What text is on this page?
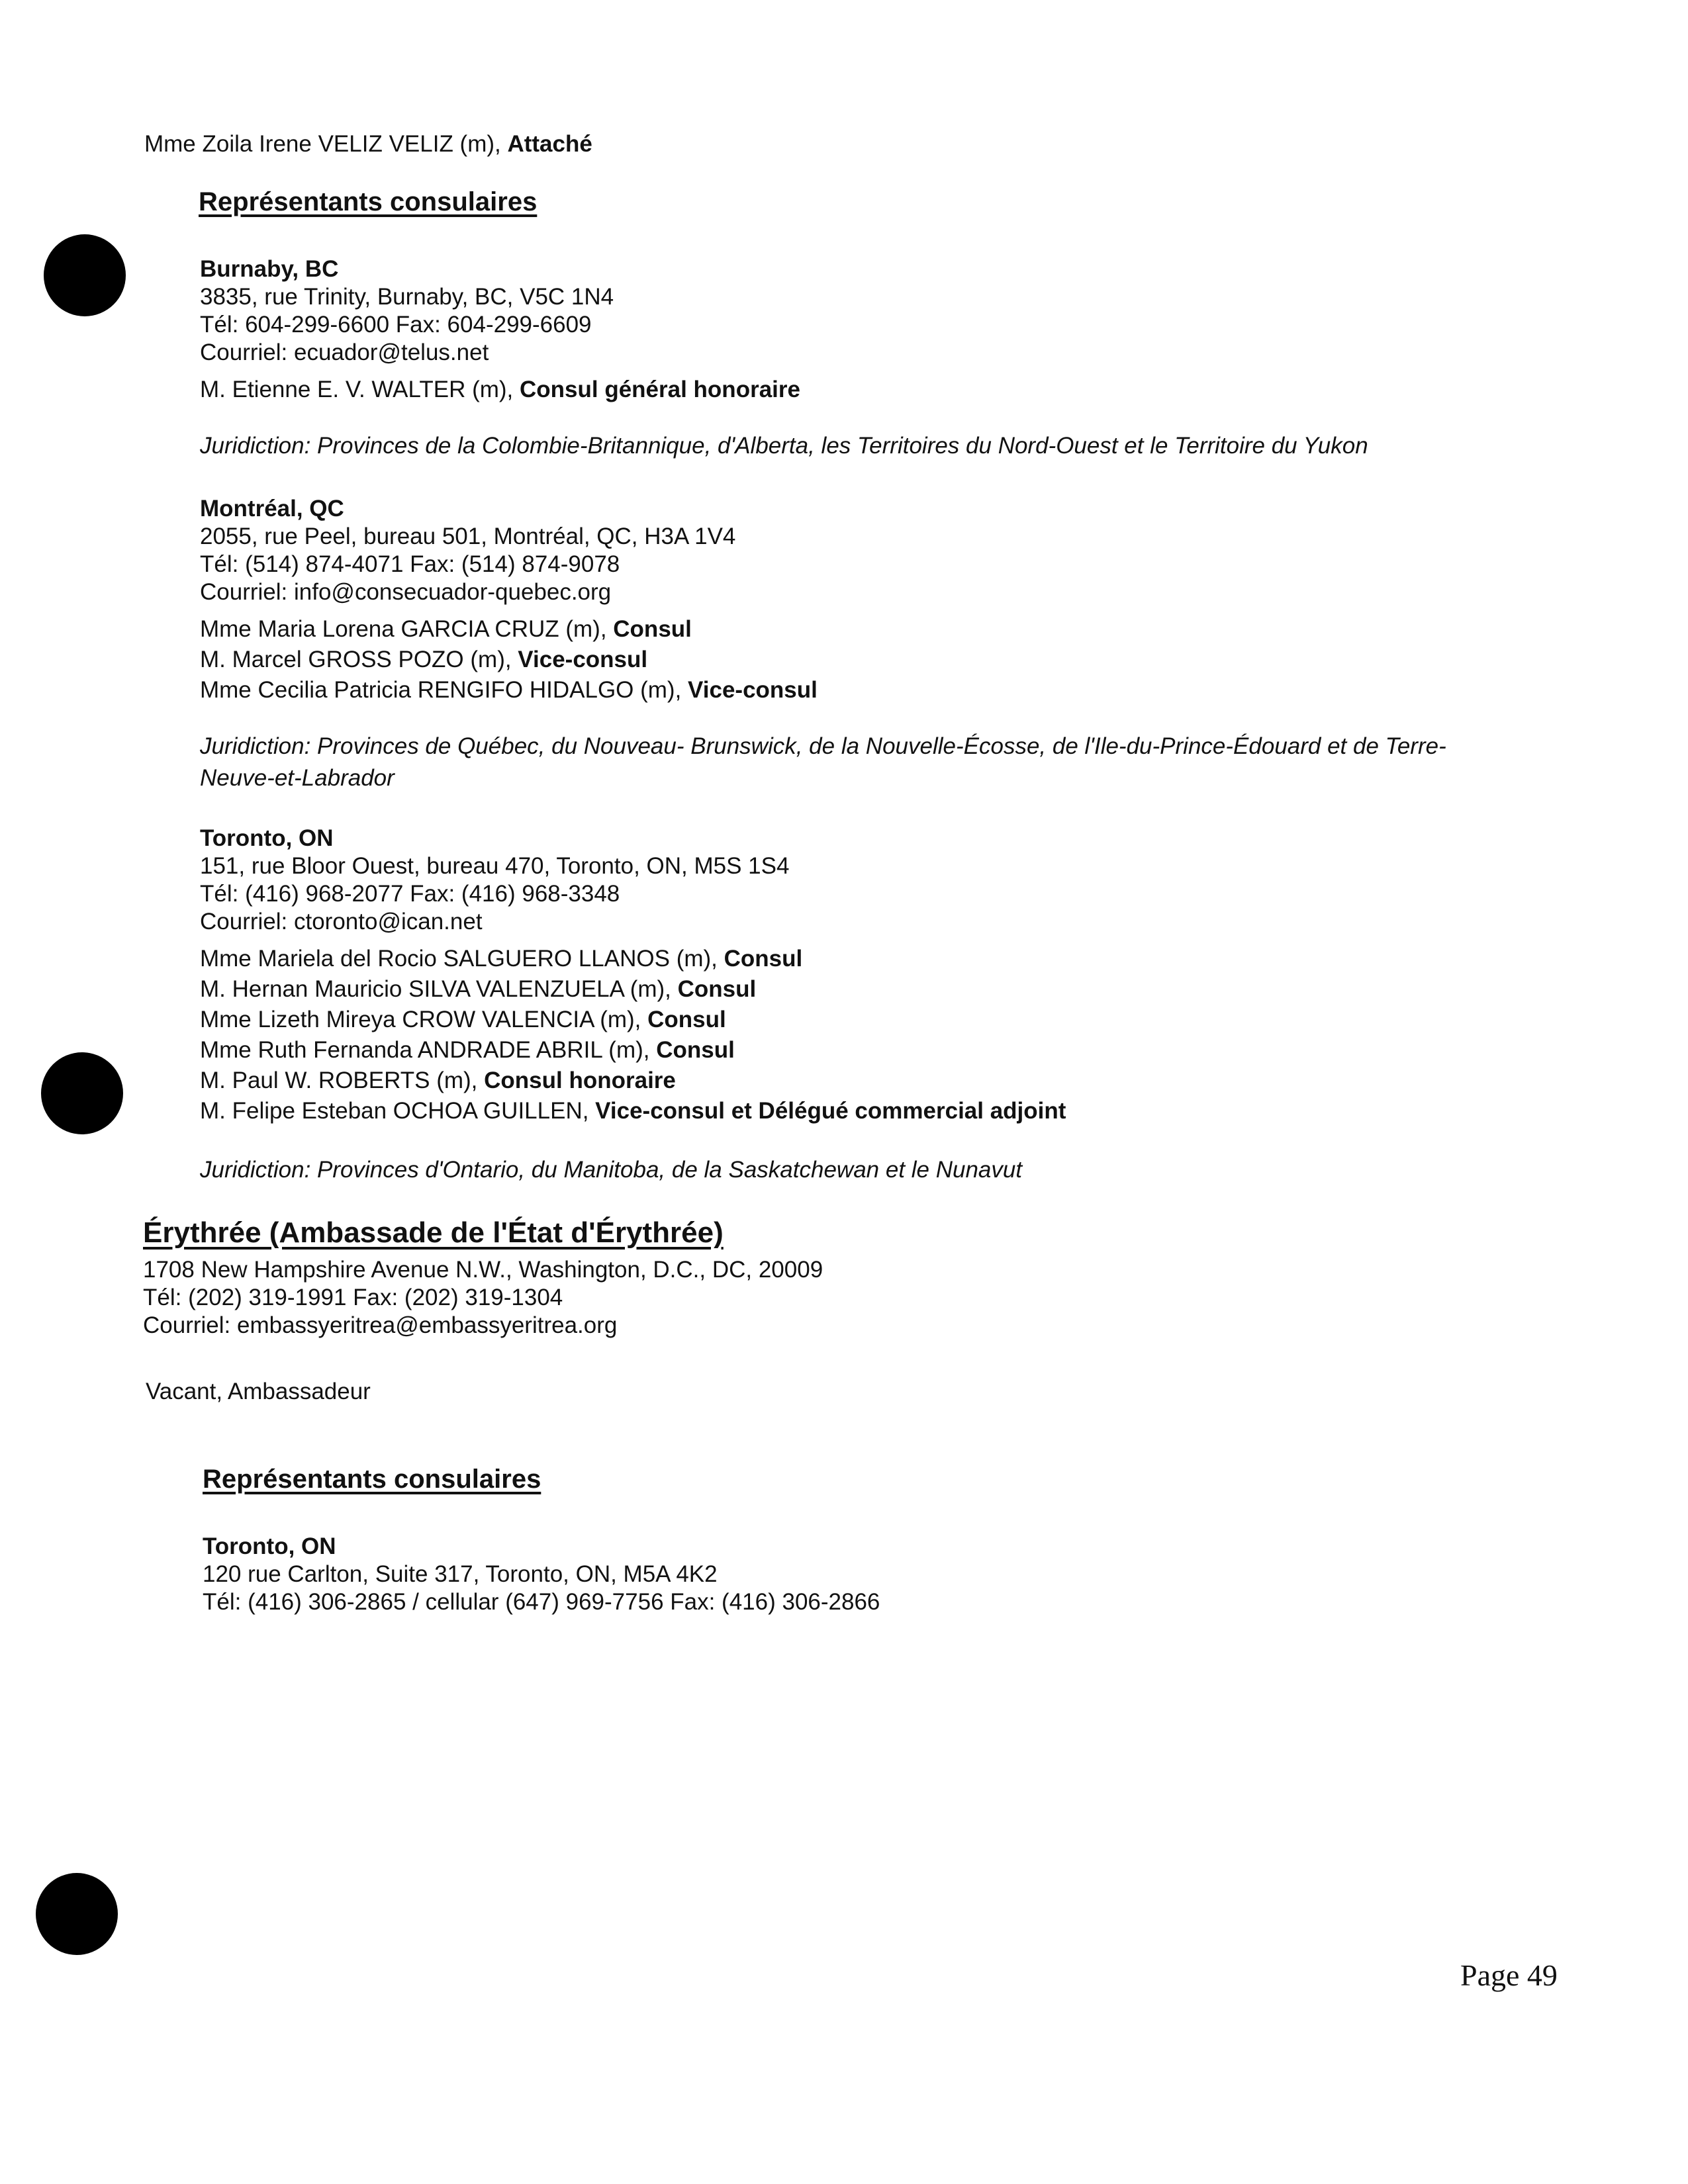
Mme Zoila Irene VELIZ VELIZ (m), Attaché
Représentants consulaires
Burnaby, BC
3835, rue Trinity, Burnaby, BC, V5C 1N4
Tél: 604-299-6600 Fax: 604-299-6609
Courriel: ecuador@telus.net
M. Etienne E. V. WALTER (m), Consul général honoraire
Juridiction: Provinces de la Colombie-Britannique, d'Alberta, les Territoires du Nord-Ouest et le Territoire du Yukon
Montréal, QC
2055, rue Peel, bureau 501, Montréal, QC, H3A 1V4
Tél: (514) 874-4071 Fax: (514) 874-9078
Courriel: info@consecuador-quebec.org
Mme Maria Lorena GARCIA CRUZ (m), Consul
M. Marcel GROSS POZO (m), Vice-consul
Mme Cecilia Patricia RENGIFO HIDALGO (m), Vice-consul
Juridiction: Provinces de Québec, du Nouveau- Brunswick, de la Nouvelle-Écosse, de l'Ile-du-Prince-Édouard et de Terre-Neuve-et-Labrador
Toronto, ON
151, rue Bloor Ouest, bureau 470, Toronto, ON, M5S 1S4
Tél: (416) 968-2077 Fax: (416) 968-3348
Courriel: ctoronto@ican.net
Mme Mariela del Rocio SALGUERO LLANOS (m), Consul
M. Hernan Mauricio SILVA VALENZUELA (m), Consul
Mme Lizeth Mireya CROW VALENCIA (m), Consul
Mme Ruth Fernanda ANDRADE ABRIL (m), Consul
M. Paul W. ROBERTS (m), Consul honoraire
M. Felipe Esteban OCHOA GUILLEN, Vice-consul et Délégué commercial adjoint
Juridiction: Provinces d'Ontario, du Manitoba, de la Saskatchewan et le Nunavut
Érythrée (Ambassade de l'État d'Érythrée)
1708 New Hampshire Avenue N.W., Washington, D.C., DC, 20009
Tél: (202) 319-1991 Fax: (202) 319-1304
Courriel: embassyeritrea@embassyeritrea.org
Vacant, Ambassadeur
Représentants consulaires
Toronto, ON
120 rue Carlton, Suite 317, Toronto, ON, M5A 4K2
Tél: (416) 306-2865 / cellular (647) 969-7756 Fax: (416) 306-2866
Page 49
